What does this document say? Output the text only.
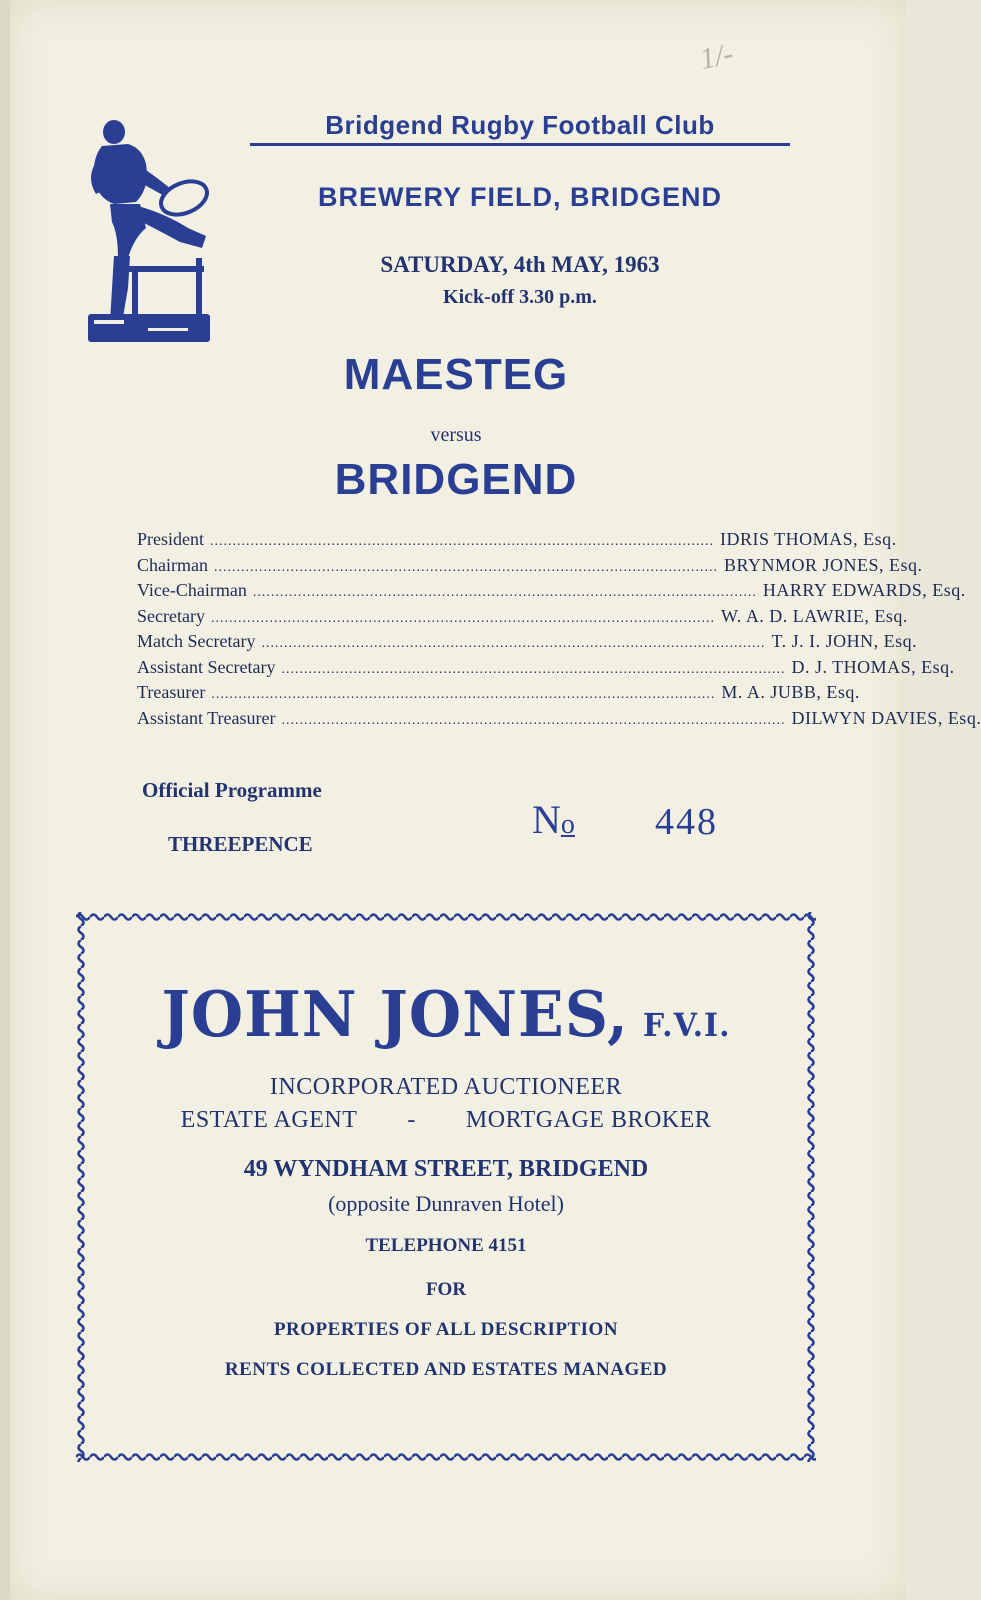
1/-
Bridgend Rugby Football Club
BREWERY FIELD, BRIDGEND
SATURDAY, 4th MAY, 1963
Kick-off 3.30 p.m.
MAESTEG
versus
BRIDGEND
President ................................................................................................................ IDRIS THOMAS, Esq.
Chairman ................................................................................................................ BRYNMOR JONES, Esq.
Vice-Chairman ................................................................................................................ HARRY EDWARDS, Esq.
Secretary ................................................................................................................ W. A. D. LAWRIE, Esq.
Match Secretary ................................................................................................................ T. J. I. JOHN, Esq.
Assistant Secretary ................................................................................................................ D. J. THOMAS, Esq.
Treasurer ................................................................................................................ M. A. JUBB, Esq.
Assistant Treasurer ................................................................................................................ DILWYN DAVIES, Esq.
Official Programme
THREEPENCE
No 448
JOHN JONES, F.V.I.
INCORPORATED AUCTIONEER
ESTATE AGENT - MORTGAGE BROKER
49 WYNDHAM STREET, BRIDGEND
(opposite Dunraven Hotel)
TELEPHONE 4151
FOR
PROPERTIES OF ALL DESCRIPTION
RENTS COLLECTED AND ESTATES MANAGED
